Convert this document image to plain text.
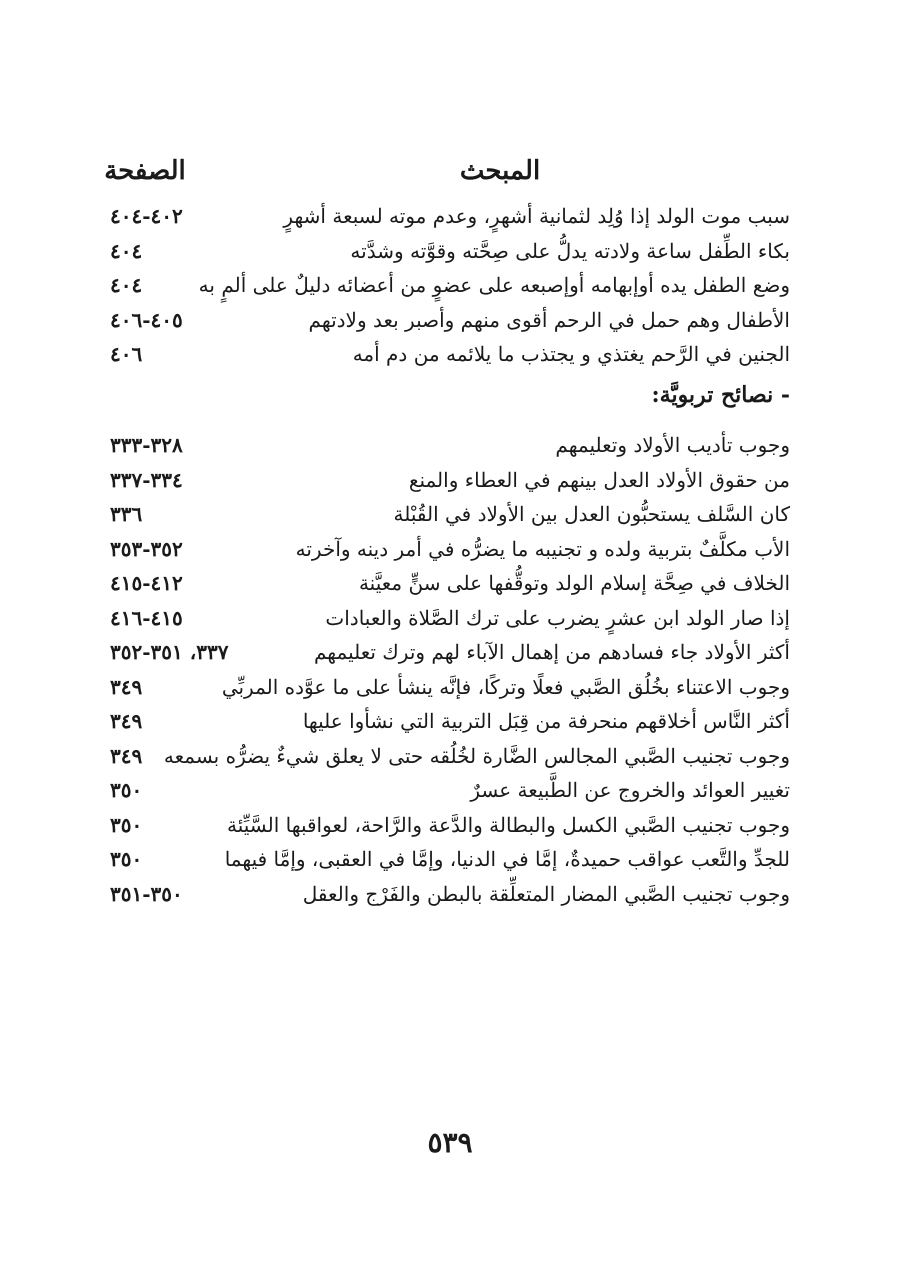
المبحث
الصفحة
سبب موت الولد إذا وُلِد لثمانية أشهرٍ، وعدم موته لسبعة أشهرٍ
٤٠٢-٤٠٤
بكاء الطِّفل ساعة ولادته يدلُّ على صِحَّته وقوَّته وشدَّته
٤٠٤
وضع الطفل يده أوإبهامه أوإصبعه على عضوٍ من أعضائه دليلٌ على ألمٍ به
٤٠٤
الأطفال وهم حمل في الرحم أقوى منهم وأصبر بعد ولادتهم
٤٠٥-٤٠٦
الجنين في الرَّحم يغتذي و يجتذب ما يلائمه من دم أمه
٤٠٦
- نصائح تربويَّة:
وجوب تأديب الأولاد وتعليمهم
٣٢٨-٣٣٣
من حقوق الأولاد العدل بينهم في العطاء والمنع
٣٣٤-٣٣٧
كان السَّلف يستحبُّون العدل بين الأولاد في القُبْلة
٣٣٦
الأب مكلَّفٌ بتربية ولده و تجنيبه ما يضرُّه في أمر دينه وآخرته
٣٥٢-٣٥٣
الخلاف في صِحَّة إسلام الولد وتوقُّفها على سنٍّ معيَّنة
٤١٢-٤١٥
إذا صار الولد ابن عشرٍ يضرب على ترك الصَّلاة والعبادات
٤١٥-٤١٦
أكثر الأولاد جاء فسادهم من إهمال الآباء لهم وترك تعليمهم
٣٣٧، ٣٥١-٣٥٢
وجوب الاعتناء بخُلُق الصَّبي فعلًا وتركًا، فإنَّه ينشأ على ما عوَّده المربِّي
٣٤٩
أكثر النَّاس أخلاقهم منحرفة من قِبَل التربية التي نشأوا عليها
٣٤٩
وجوب تجنيب الصَّبي المجالس الضَّارة لخُلُقه حتى لا يعلق شيءٌ يضرُّه بسمعه
٣٤٩
تغيير العوائد والخروج عن الطَّبيعة عسرٌ
٣٥٠
وجوب تجنيب الصَّبي الكسل والبطالة والدَّعة والرَّاحة، لعواقبها السَّيِّئة
٣٥٠
للجدِّ والتَّعب عواقب حميدةٌ، إمَّا في الدنيا، وإمَّا في العقبى، وإمَّا فيهما
٣٥٠
وجوب تجنيب الصَّبي المضار المتعلِّقة بالبطن والفَرْج والعقل
٣٥٠-٣٥١
٥٣٩
